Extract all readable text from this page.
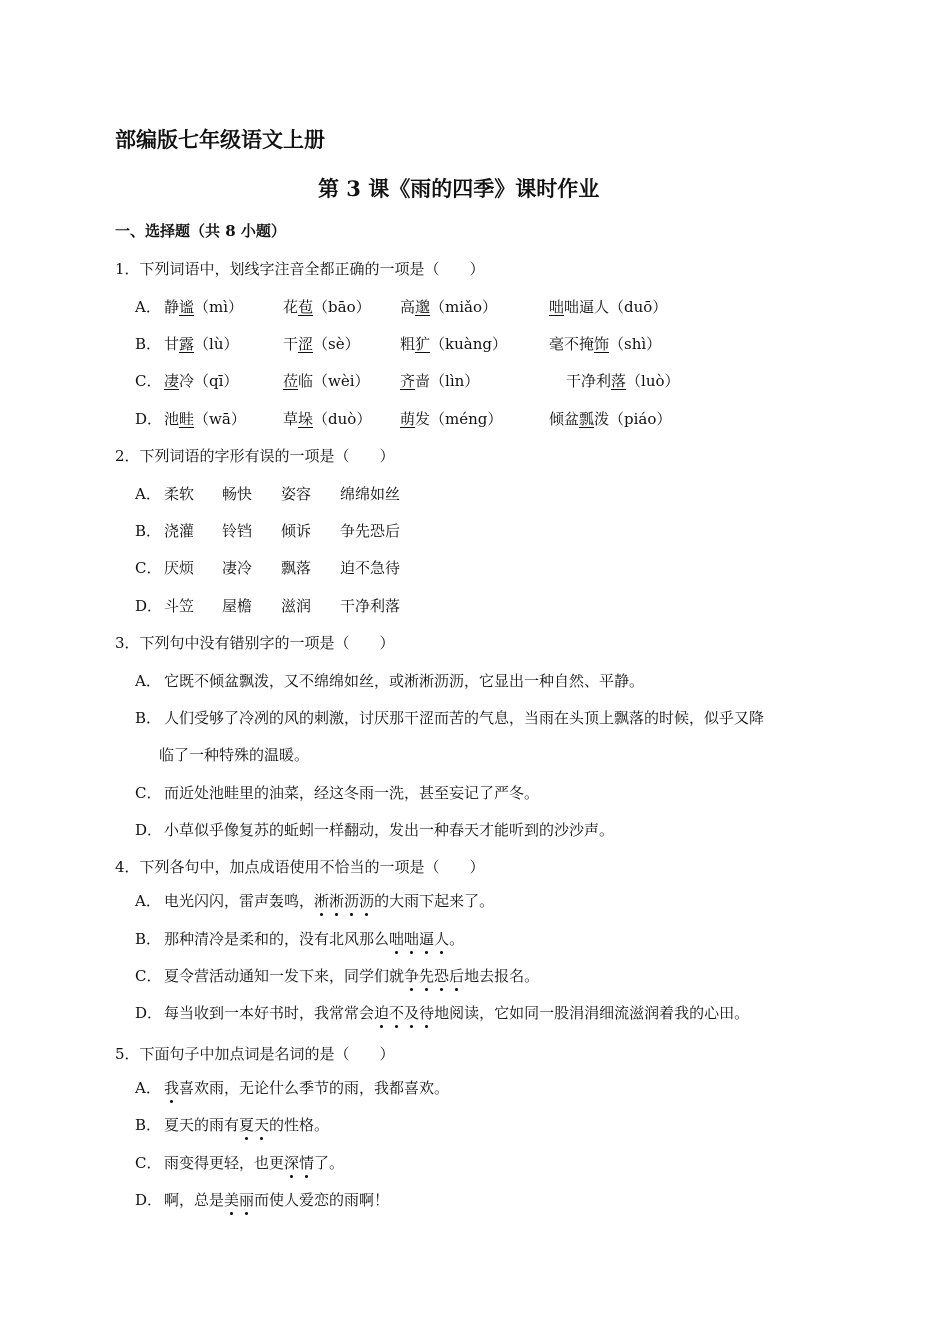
部编版七年级语文上册
第 3 课《雨的四季》课时作业
一、选择题（共 8 小题）
1．下列词语中，划线字注音全都正确的一项是（　　）
A． 静谧（mì）	花苞（bāo） 高邈（miǎo）	咄咄逼人（duō）
B． 甘露（lù）	干涩（sè）	粗犷（kuàng）	毫不掩饰（shì）
C． 凄冷（qī）	莅临（wèi） 齐啬（lìn）	干净利落（luò）
D． 池畦（wā） 草垛（duò） 萌发（méng）	倾盆瓢泼（piáo）
2．下列词语的字形有误的一项是（　　）
A． 柔软 畅快 姿容 绵绵如丝
B． 浇灌 铃铛 倾诉 争先恐后
C． 厌烦 凄冷 飘落 迫不急待
D． 斗笠 屋檐 滋润 干净利落
3．下列句中没有错别字的一项是（　　）
A． 它既不倾盆飘泼，又不绵绵如丝，或淅淅沥沥，它显出一种自然、平静。
B． 人们受够了冷冽的风的刺激，讨厌那干涩而苦的气息，当雨在头顶上飘落的时候，似乎又降
临了一种特殊的温暖。
C． 而近处池畦里的油菜，经这冬雨一洗，甚至妄记了严冬。
D． 小草似乎像复苏的蚯蚓一样翻动，发出一种春天才能听到的沙沙声。
4．下列各句中，加点成语使用不恰当的一项是（　　）
A． 电光闪闪，雷声轰鸣，淅淅沥沥的大雨下起来了。
B． 那种清冷是柔和的，没有北风那么咄咄逼人。
C． 夏令营活动通知一发下来，同学们就争先恐后地去报名。
D． 每当收到一本好书时，我常常会迫不及待地阅读，它如同一股涓涓细流滋润着我的心田。
5．下面句子中加点词是名词的是（　　）
A． 我喜欢雨，无论什么季节的雨，我都喜欢。
B． 夏天的雨有夏天的性格。
C． 雨变得更轻，也更深情了。
D． 啊，总是美丽而使人爱恋的雨啊！
